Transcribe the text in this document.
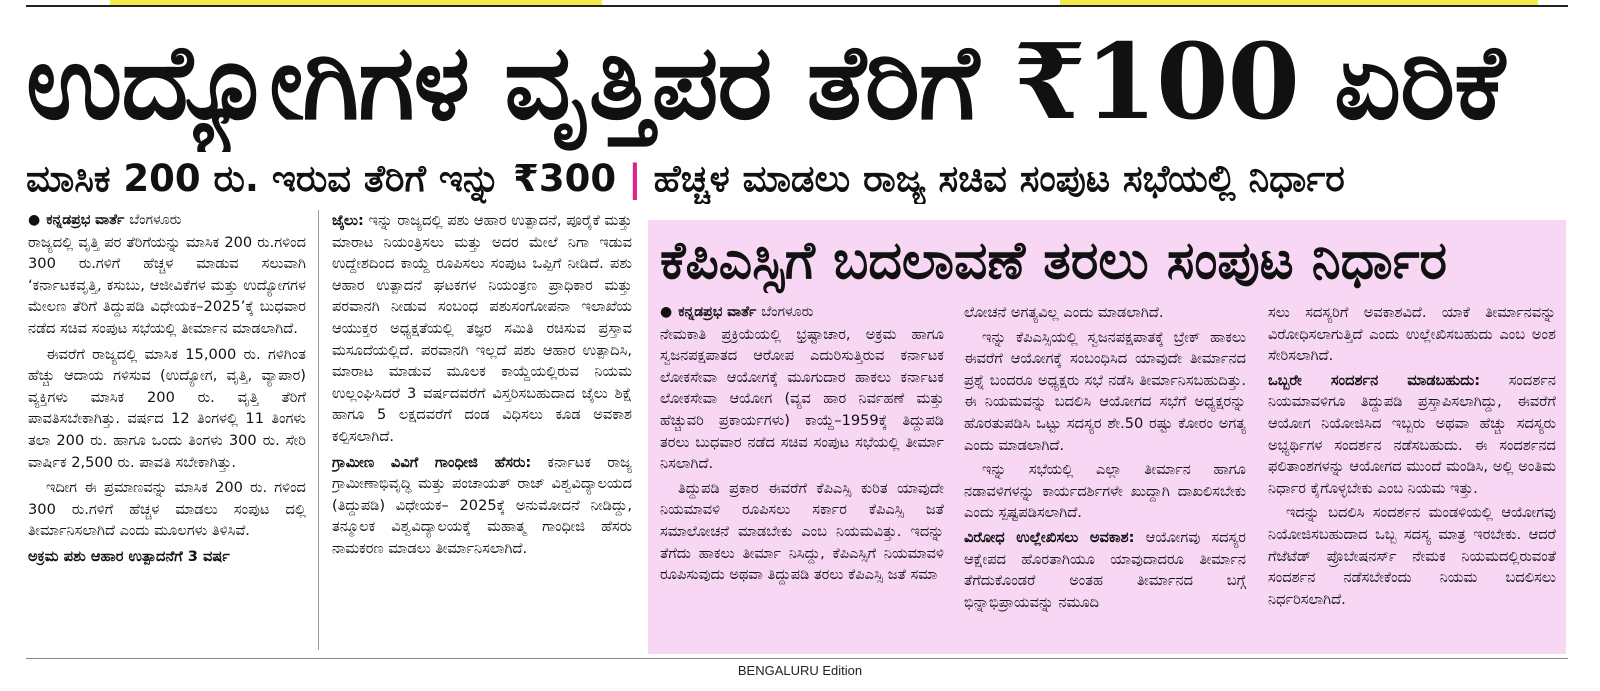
ಉದ್ಯೋಗಿಗಳ ವೃತ್ತಿಪರ ತೆರಿಗೆ ₹100 ಏರಿಕೆ
ಮಾಸಿಕ 200 ರು. ಇರುವ ತೆರಿಗೆ ಇನ್ನು ₹300 | ಹೆಚ್ಚಳ ಮಾಡಲು ರಾಜ್ಯ ಸಚಿವ ಸಂಪುಟ ಸಭೆಯಲ್ಲಿ ನಿರ್ಧಾರ
● ಕನ್ನಡಪ್ರಭ ವಾರ್ತೆ ಬೆಂಗಳೂರು

ರಾಜ್ಯದಲ್ಲಿ ವೃತ್ತಿ ಪರ ತೆರಿಗೆಯನ್ನು ಮಾಸಿಕ 200 ರು.ಗಳಿಂದ 300 ರು.ಗಳಿಗೆ ಹೆಚ್ಚಳ ಮಾಡುವ ಸಲುವಾಗಿ ‘ಕರ್ನಾಟಕವೃತ್ತಿ, ಕಸುಬು, ಆಜೀವಿಕೆಗಳ ಮತ್ತು ಉದ್ಯೋಗಗಳ ಮೇಲಣ ತೆರಿಗೆ ತಿದ್ದುಪಡಿ ವಿಧೇಯಕ–2025’ಕ್ಕೆ ಬುಧವಾರ ನಡೆದ ಸಚಿವ ಸಂಪುಟ ಸಭೆಯಲ್ಲಿ ತೀರ್ಮಾನ ಮಾಡಲಾಗಿದೆ.

ಈವರೆಗೆ ರಾಜ್ಯದಲ್ಲಿ ಮಾಸಿಕ 15,000 ರು. ಗಳಿಗಿಂತ ಹೆಚ್ಚು ಆದಾಯ ಗಳಿಸುವ (ಉದ್ಯೋಗ, ವೃತ್ತಿ, ವ್ಯಾಪಾರ) ವ್ಯಕ್ತಿಗಳು ಮಾಸಿಕ 200 ರು. ವೃತ್ತಿ ತೆರಿಗೆ ಪಾವತಿಸಬೇಕಾಗಿತ್ತು. ವರ್ಷದ 12 ತಿಂಗಳಲ್ಲಿ 11 ತಿಂಗಳು ತಲಾ 200 ರು. ಹಾಗೂ ಒಂದು ತಿಂಗಳು 300 ರು. ಸೇರಿ ವಾರ್ಷಿಕ 2,500 ರು. ಪಾವತಿ ಸಬೇಕಾಗಿತ್ತು.

ಇದೀಗ ಈ ಪ್ರಮಾಣವನ್ನು ಮಾಸಿಕ 200 ರು. ಗಳಿಂದ 300 ರು.ಗಳಿಗೆ ಹೆಚ್ಚಳ ಮಾಡಲು ಸಂಪುಟ ದಲ್ಲಿ ತೀರ್ಮಾನಿಸಲಾಗಿದೆ ಎಂದು ಮೂಲಗಳು ತಿಳಿಸಿವೆ.

ಅಕ್ರಮ ಪಶು ಆಹಾರ ಉತ್ಪಾದನೆಗೆ 3 ವರ್ಷ

ಜೈಲು: ಇನ್ನು ರಾಜ್ಯದಲ್ಲಿ ಪಶು ಆಹಾರ ಉತ್ಪಾದನೆ, ಪೂರೈಕೆ ಮತ್ತು ಮಾರಾಟ ನಿಯಂತ್ರಿಸಲು ಮತ್ತು ಅದರ ಮೇಲೆ ನಿಗಾ ಇಡುವ ಉದ್ದೇಶದಿಂದ ಕಾಯ್ದೆ ರೂಪಿಸಲು ಸಂಪುಟ ಒಪ್ಪಿಗೆ ನೀಡಿದೆ. ಪಶು ಆಹಾರ ಉತ್ಪಾದನೆ ಘಟಕಗಳ ನಿಯಂತ್ರಣ ಪ್ರಾಧಿಕಾರ ಮತ್ತು ಪರವಾನಗಿ ನೀಡುವ ಸಂಬಂಧ ಪಶುಸಂಗೋಪನಾ ಇಲಾಖೆಯ ಆಯುಕ್ತರ ಅಧ್ಯಕ್ಷತೆಯಲ್ಲಿ ತಜ್ಞರ ಸಮಿತಿ ರಚಿಸುವ ಪ್ರಸ್ತಾವ ಮಸೂದೆಯಲ್ಲಿದೆ. ಪರವಾನಗಿ ಇಲ್ಲದೆ ಪಶು ಆಹಾರ ಉತ್ಪಾದಿಸಿ, ಮಾರಾಟ ಮಾಡುವ ಮೂಲಕ ಕಾಯ್ದೆಯಲ್ಲಿರುವ ನಿಯಮ ಉಲ್ಲಂಘಿಸಿದರೆ 3 ವರ್ಷದವರೆಗೆ ವಿಸ್ತರಿಸಬಹುದಾದ ಜೈಲು ಶಿಕ್ಷೆ ಹಾಗೂ 5 ಲಕ್ಷದವರೆಗೆ ದಂಡ ವಿಧಿಸಲು ಕೂಡ ಅವಕಾಶ ಕಲ್ಪಿಸಲಾಗಿದೆ.

ಗ್ರಾಮೀಣ ವಿವಿಗೆ ಗಾಂಧೀಜಿ ಹೆಸರು: ಕರ್ನಾಟಕ ರಾಜ್ಯ ಗ್ರಾಮೀಣಾಭಿವೃದ್ಧಿ ಮತ್ತು ಪಂಚಾಯತ್ ರಾಜ್ ವಿಶ್ವವಿದ್ಯಾಲಯದ (ತಿದ್ದುಪಡಿ) ವಿಧೇಯಕ– 2025ಕ್ಕೆ ಅನುಮೋದನೆ ನೀಡಿದ್ದು, ತನ್ಮೂಲಕ ವಿಶ್ವವಿದ್ಯಾಲಯಕ್ಕೆ ಮಹಾತ್ಮ ಗಾಂಧೀಜಿ ಹೆಸರು ನಾಮಕರಣ ಮಾಡಲು ತೀರ್ಮಾನಿಸಲಾಗಿದೆ.

ಕೆಪಿಎಸ್ಸಿಗೆ ಬದಲಾವಣೆ ತರಲು ಸಂಪುಟ ನಿರ್ಧಾರ
● ಕನ್ನಡಪ್ರಭ ವಾರ್ತೆ ಬೆಂಗಳೂರು

ನೇಮಕಾತಿ ಪ್ರಕ್ರಿಯೆಯಲ್ಲಿ ಭ್ರಷ್ಟಾಚಾರ, ಅಕ್ರಮ ಹಾಗೂ ಸ್ವಜನಪಕ್ಷಪಾತದ ಆರೋಪ ಎದುರಿಸುತ್ತಿರುವ ಕರ್ನಾಟಕ ಲೋಕಸೇವಾ ಆಯೋಗಕ್ಕೆ ಮೂಗುದಾರ ಹಾಕಲು ಕರ್ನಾಟಕ ಲೋಕಸೇವಾ ಆಯೋಗ (ವ್ಯವ ಹಾರ ನಿರ್ವಹಣೆ ಮತ್ತು ಹೆಚ್ಚುವರಿ ಪ್ರಕಾರ್ಯಗಳು) ಕಾಯ್ದೆ–1959ಕ್ಕೆ ತಿದ್ದುಪಡಿ ತರಲು ಬುಧವಾರ ನಡೆದ ಸಚಿವ ಸಂಪುಟ ಸಭೆಯಲ್ಲಿ ತೀರ್ಮಾ ನಿಸಲಾಗಿದೆ.

ತಿದ್ದುಪಡಿ ಪ್ರಕಾರ ಈವರೆಗೆ ಕೆಪಿಎಸ್ಸಿ ಕುರಿತ ಯಾವುದೇ ನಿಯಮಾವಳಿ ರೂಪಿಸಲು ಸರ್ಕಾರ ಕೆಪಿಎಸ್ಸಿ ಜತೆ ಸಮಾಲೋಚನೆ ಮಾಡಬೇಕು ಎಂಬ ನಿಯಮವಿತ್ತು. ಇದನ್ನು ತೆಗೆದು ಹಾಕಲು ತೀರ್ಮಾ ನಿಸಿದ್ದು, ಕೆಪಿಎಸ್ಸಿಗೆ ನಿಯಮಾವಳಿ ರೂಪಿಸುವುದು ಅಥವಾ ತಿದ್ದುಪಡಿ ತರಲು ಕೆಪಿಎಸ್ಸಿ ಜತೆ ಸಮಾ

ಲೋಚನೆ ಅಗತ್ಯವಿಲ್ಲ ಎಂದು ಮಾಡಲಾಗಿದೆ.

ಇನ್ನು ಕೆಪಿಎಸ್ಸಿಯಲ್ಲಿ ಸ್ವಜನಪಕ್ಷಪಾತಕ್ಕೆ ಬ್ರೇಕ್ ಹಾಕಲು ಈವರೆಗೆ ಆಯೋಗಕ್ಕೆ ಸಂಬಂಧಿಸಿದ ಯಾವುದೇ ತೀರ್ಮಾನದ ಪ್ರಶ್ನೆ ಬಂದರೂ ಅಧ್ಯಕ್ಷರು ಸಭೆ ನಡೆಸಿ ತೀರ್ಮಾನಿಸಬಹುದಿತ್ತು. ಈ ನಿಯಮವನ್ನು ಬದಲಿಸಿ ಆಯೋಗದ ಸಭೆಗೆ ಅಧ್ಯಕ್ಷರನ್ನು ಹೊರತುಪಡಿಸಿ ಒಟ್ಟು ಸದಸ್ಯರ ಶೇ.50 ರಷ್ಟು ಕೋರಂ ಅಗತ್ಯ ಎಂದು ಮಾಡಲಾಗಿದೆ.

ಇನ್ನು ಸಭೆಯಲ್ಲಿ ಎಲ್ಲಾ ತೀರ್ಮಾನ ಹಾಗೂ ನಡಾವಳಿಗಳನ್ನು ಕಾರ್ಯದರ್ಶಿಗಳೇ ಖುದ್ದಾಗಿ ದಾಖಲಿಸಬೇಕು ಎಂದು ಸ್ಪಷ್ಟಪಡಿಸಲಾಗಿದೆ.

ವಿರೋಧ ಉಲ್ಲೇಖಿಸಲು ಅವಕಾಶ: ಆಯೋಗವು ಸದಸ್ಯರ ಆಕ್ಷೇಪದ ಹೊರತಾಗಿಯೂ ಯಾವುದಾದರೂ ತೀರ್ಮಾನ ತೆಗೆದುಕೊಂಡರೆ ಅಂತಹ ತೀರ್ಮಾನದ ಬಗ್ಗೆ ಭಿನ್ನಾಭಿಪ್ರಾಯವನ್ನು ನಮೂದಿ

ಸಲು ಸದಸ್ಯರಿಗೆ ಅವಕಾಶವಿದೆ. ಯಾಕೆ ತೀರ್ಮಾನವನ್ನು ವಿರೋಧಿಸಲಾಗುತ್ತಿದೆ ಎಂದು ಉಲ್ಲೇಖಿಸಬಹುದು ಎಂಬ ಅಂಶ ಸೇರಿಸಲಾಗಿದೆ.

ಒಬ್ಬರೇ ಸಂದರ್ಶನ ಮಾಡಬಹುದು: ಸಂದರ್ಶನ ನಿಯಮಾವಳಿಗೂ ತಿದ್ದುಪಡಿ ಪ್ರಸ್ತಾಪಿಸಲಾಗಿದ್ದು, ಈವರೆಗೆ ಆಯೋಗ ನಿಯೋಜಿಸಿದ ಇಬ್ಬರು ಅಥವಾ ಹೆಚ್ಚು ಸದಸ್ಯರು ಅಭ್ಯರ್ಥಿಗಳ ಸಂದರ್ಶನ ನಡೆಸಬಹುದು. ಈ ಸಂದರ್ಶನದ ಫಲಿತಾಂಶಗಳನ್ನು ಆಯೋಗದ ಮುಂದೆ ಮಂಡಿಸಿ, ಅಲ್ಲಿ ಅಂತಿಮ ನಿರ್ಧಾರ ಕೈಗೊಳ್ಳಬೇಕು ಎಂಬ ನಿಯಮ ಇತ್ತು.

ಇದನ್ನು ಬದಲಿಸಿ ಸಂದರ್ಶನ ಮಂಡಳಿಯಲ್ಲಿ ಆಯೋಗವು ನಿಯೋಜಿಸಬಹುದಾದ ಒಬ್ಬ ಸದಸ್ಯ ಮಾತ್ರ ಇರಬೇಕು. ಆದರೆ ಗೆಜೆಟೆಡ್ ಪ್ರೊಬೇಷನರ್ಸ್ ನೇಮಕ ನಿಯಮದಲ್ಲಿರುವಂತೆ ಸಂದರ್ಶನ ನಡೆಸಬೇಕೆಂದು ನಿಯಮ ಬದಲಿಸಲು ನಿರ್ಧರಿಸಲಾಗಿದೆ.

BENGALURU Edition
